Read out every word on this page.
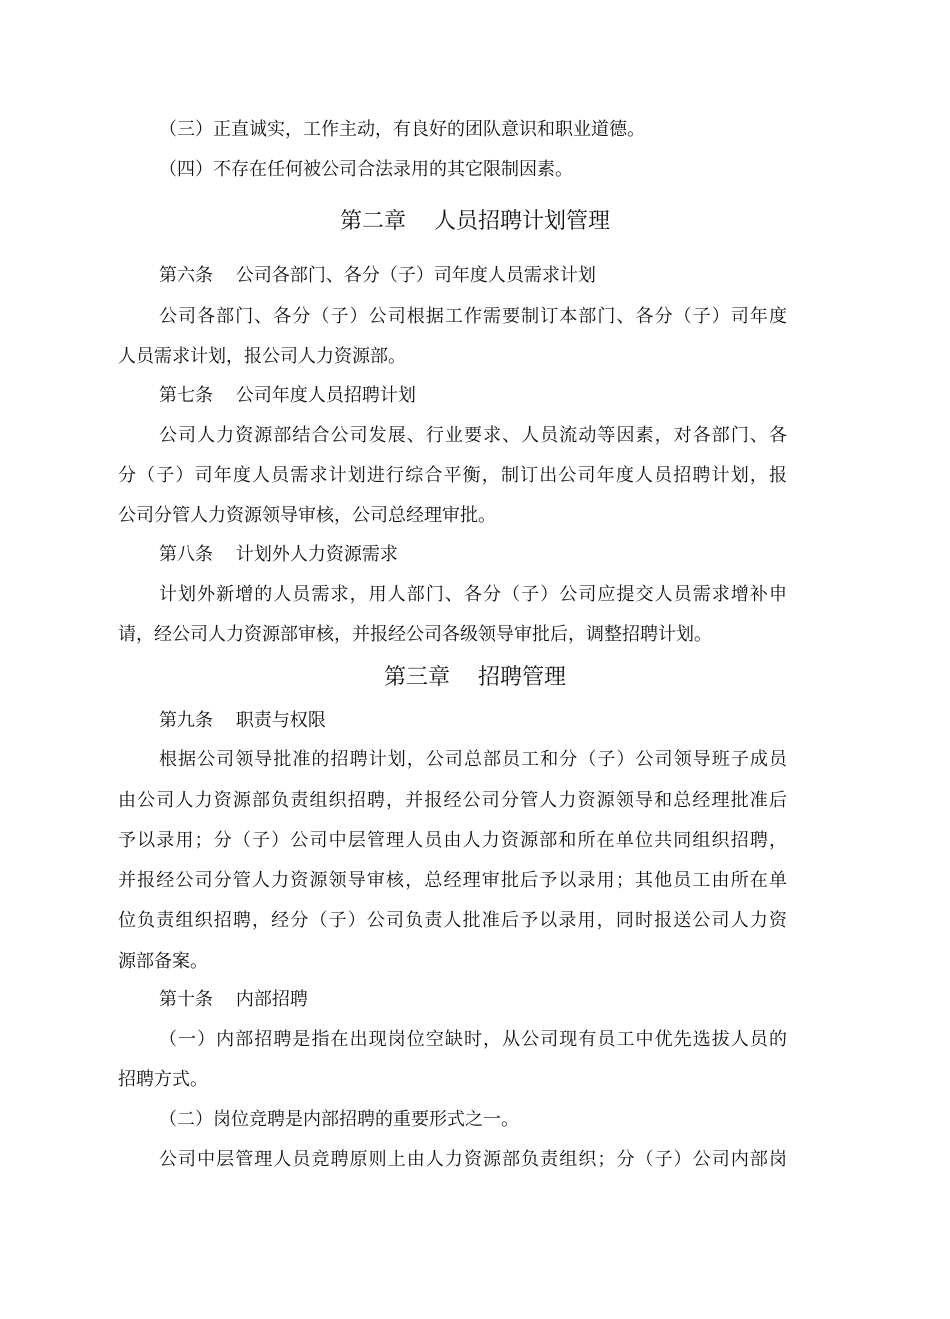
（三）正直诚实，工作主动，有良好的团队意识和职业道德。
（四）不存在任何被公司合法录用的其它限制因素。
第二章    人员招聘计划管理
第六条    公司各部门、各分（子）司年度人员需求计划
公司各部门、各分（子）公司根据工作需要制订本部门、各分（子）司年度
人员需求计划，报公司人力资源部。
第七条    公司年度人员招聘计划
公司人力资源部结合公司发展、行业要求、人员流动等因素，对各部门、各
分（子）司年度人员需求计划进行综合平衡，制订出公司年度人员招聘计划，报
公司分管人力资源领导审核，公司总经理审批。
第八条    计划外人力资源需求
计划外新增的人员需求，用人部门、各分（子）公司应提交人员需求增补申
请，经公司人力资源部审核，并报经公司各级领导审批后，调整招聘计划。
第三章    招聘管理
第九条    职责与权限
根据公司领导批准的招聘计划，公司总部员工和分（子）公司领导班子成员
由公司人力资源部负责组织招聘，并报经公司分管人力资源领导和总经理批准后
予以录用；分（子）公司中层管理人员由人力资源部和所在单位共同组织招聘，
并报经公司分管人力资源领导审核，总经理审批后予以录用；其他员工由所在单
位负责组织招聘，经分（子）公司负责人批准后予以录用，同时报送公司人力资
源部备案。
第十条    内部招聘
（一）内部招聘是指在出现岗位空缺时，从公司现有员工中优先选拔人员的
招聘方式。
（二）岗位竞聘是内部招聘的重要形式之一。
公司中层管理人员竞聘原则上由人力资源部负责组织；分（子）公司内部岗
